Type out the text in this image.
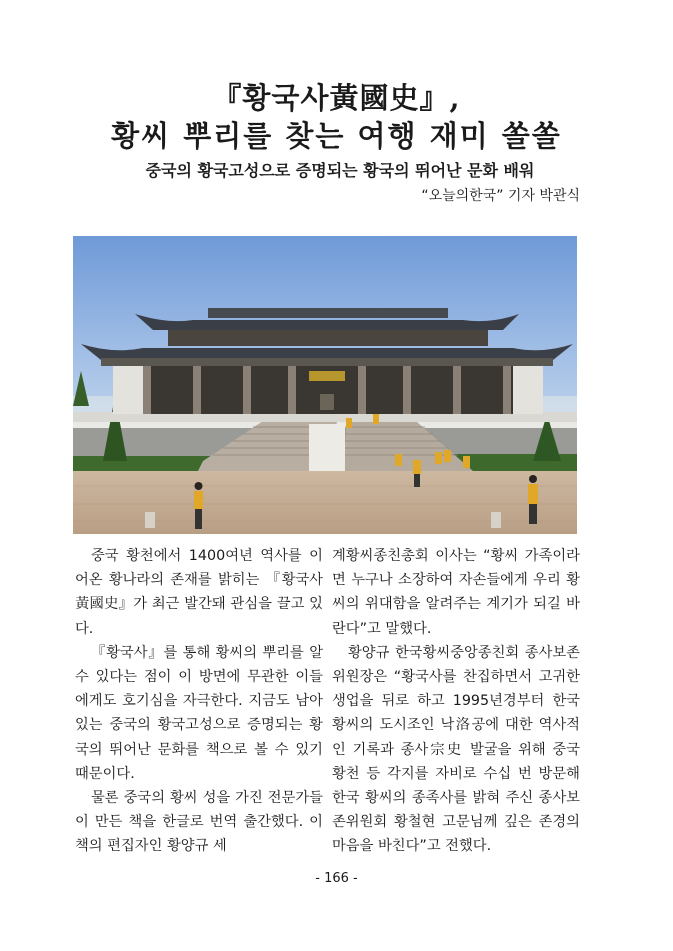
『황국사黃國史』,
황씨 뿌리를 찾는 여행 재미 쏠쏠
중국의 황국고성으로 증명되는 황국의 뛰어난 문화 배워
“오늘의한국” 기자 박관식

중국 황천에서 1400여년 역사를 이어온 황나라의 존재를 밝히는 『황국사黃國史』가 최근 발간돼 관심을 끌고 있다.

『황국사』를 통해 황씨의 뿌리를 알 수 있다는 점이 이 방면에 무관한 이들에게도 호기심을 자극한다. 지금도 남아 있는 중국의 황국고성으로 증명되는 황국의 뛰어난 문화를 책으로 볼 수 있기 때문이다.

물론 중국의 황씨 성을 가진 전문가들이 만든 책을 한글로 번역 출간했다. 이 책의 편집자인 황양규 세

계황씨종친총회 이사는 “황씨 가족이라면 누구나 소장하여 자손들에게 우리 황씨의 위대함을 알려주는 계기가 되길 바란다”고 말했다.

황양규 한국황씨중앙종친회 종사보존위원장은 “황국사를 찬집하면서 고귀한 생업을 뒤로 하고 1995년경부터 한국 황씨의 도시조인 낙洛공에 대한 역사적인 기록과 종사宗史 발굴을 위해 중국 황천 등 각지를 자비로 수십 번 방문해 한국 황씨의 종족사를 밝혀 주신 종사보존위원회 황철현 고문님께 깊은 존경의 마음을 바친다”고 전했다.

- 166 -
